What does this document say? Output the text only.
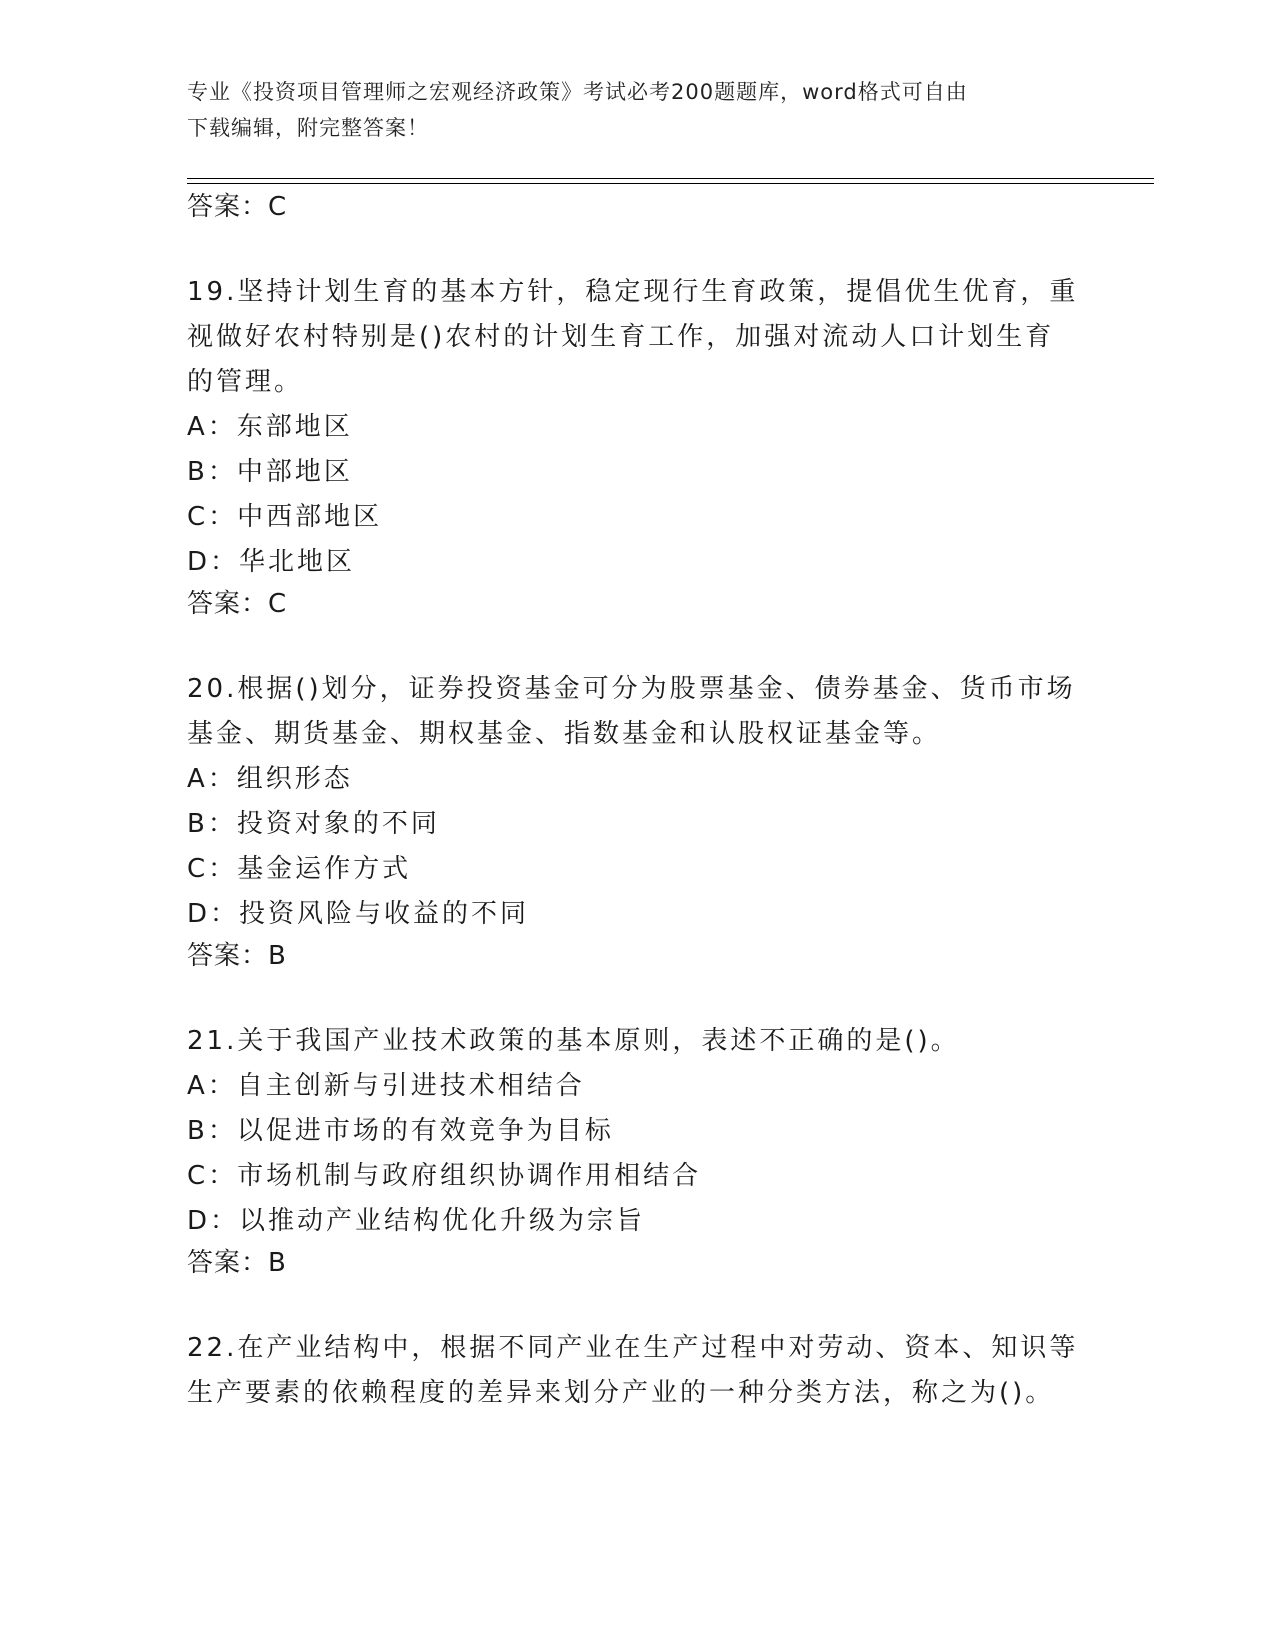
专业《投资项目管理师之宏观经济政策》考试必考200题题库，word格式可自由
下载编辑，附完整答案！
答案：C

19.坚持计划生育的基本方针，稳定现行生育政策，提倡优生优育，重

视做好农村特别是()农村的计划生育工作，加强对流动人口计划生育

的管理。

A：东部地区
B：中部地区
C：中西部地区
D：华北地区
答案：C

20.根据()划分，证券投资基金可分为股票基金、债券基金、货币市场

基金、期货基金、期权基金、指数基金和认股权证基金等。

A：组织形态
B：投资对象的不同
C：基金运作方式
D：投资风险与收益的不同
答案：B

21.关于我国产业技术政策的基本原则，表述不正确的是()。

A：自主创新与引进技术相结合
B：以促进市场的有效竞争为目标
C：市场机制与政府组织协调作用相结合
D：以推动产业结构优化升级为宗旨
答案：B

22.在产业结构中，根据不同产业在生产过程中对劳动、资本、知识等

生产要素的依赖程度的差异来划分产业的一种分类方法，称之为()。
